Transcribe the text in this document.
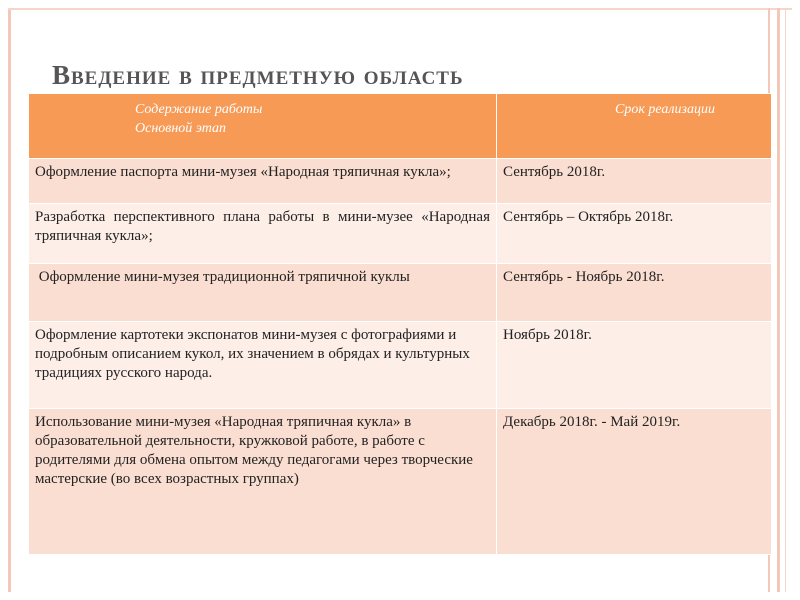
Введение в предметную область
Содержание работы
Основной этап	Срок реализации

Оформление паспорта мини-музея «Народная тряпичная кукла»;	Сентябрь 2018г.
Разработка перспективного плана работы в мини-музее «Народная тряпичная кукла»;	Сентябрь – Октябрь 2018г.
Оформление мини-музея традиционной тряпичной куклы	Сентябрь - Ноябрь 2018г.
Оформление картотеки экспонатов мини-музея с фотографиями и подробным описанием кукол, их значением в обрядах и культурных традициях русского народа.	Ноябрь 2018г.
Использование мини-музея «Народная тряпичная кукла» в образовательной деятельности, кружковой работе, в работе с родителями для обмена опытом между педагогами через творческие мастерские (во всех возрастных группах)	Декабрь 2018г. - Май 2019г.
